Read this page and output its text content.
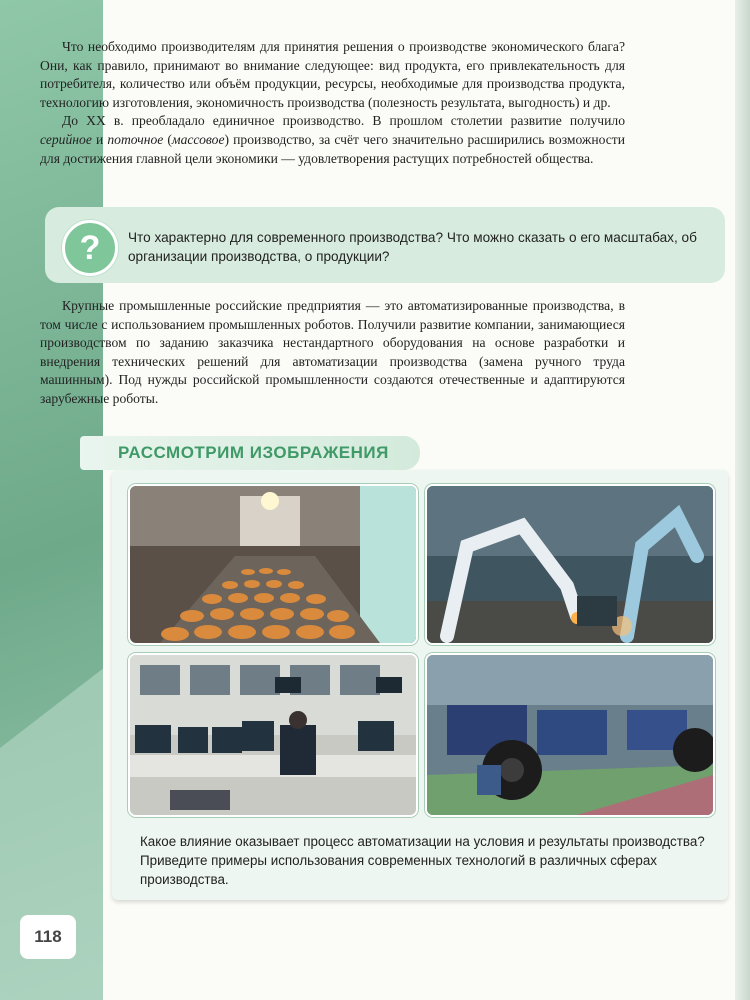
Что необходимо производителям для принятия решения о производстве экономического блага? Они, как правило, принимают во внимание следующее: вид продукта, его привлекательность для потребителя, количество или объём продукции, ресурсы, необходимые для производства продукта, технологию изготовления, экономичность производства (полезность результата, выгодность) и др.

До XX в. преобладало единичное производство. В прошлом столетии развитие получило серийное и поточное (массовое) производство, за счёт чего значительно расширились возможности для достижения главной цели экономики — удовлетворения растущих потребностей общества.

?	Что характерно для современного производства? Что можно сказать о его масштабах, об организации производства, о продукции?

Крупные промышленные российские предприятия — это автоматизированные производства, в том числе с использованием промышленных роботов. Получили развитие компании, занимающиеся производством по заданию заказчика нестандартного оборудования на основе разработки и внедрения технических решений для автоматизации производства (замена ручного труда машинным). Под нужды российской промышленности создаются отечественные и адаптируются зарубежные роботы.

РАССМОТРИМ ИЗОБРАЖЕНИЯ
Какое влияние оказывает процесс автоматизации на условия и результаты производства? Приведите примеры использования современных технологий в различных сферах производства.
118
